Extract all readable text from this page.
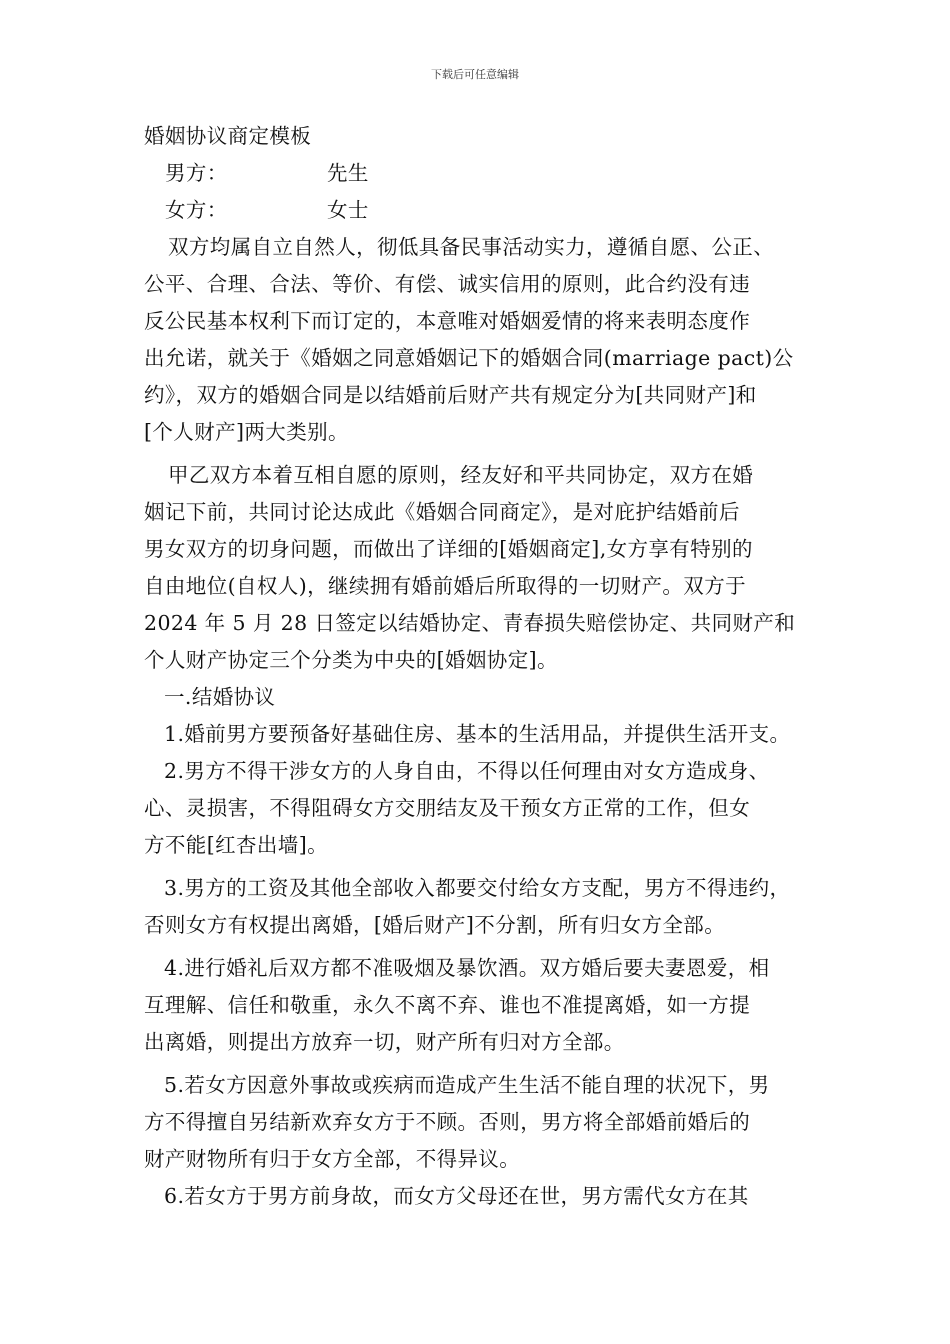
下载后可任意编辑
婚姻协议商定模板
男方：	先生
女方：	女士
双方均属自立自然人，彻低具备民事活动实力，遵循自愿、公正、
公平、合理、合法、等价、有偿、诚实信用的原则，此合约没有违
反公民基本权利下而订定的，本意唯对婚姻爱情的将来表明态度作
出允诺，就关于《婚姻之同意婚姻记下的婚姻合同(marriage pact)公
约》，双方的婚姻合同是以结婚前后财产共有规定分为[共同财产]和
[个人财产]两大类别。
甲乙双方本着互相自愿的原则，经友好和平共同协定，双方在婚
姻记下前，共同讨论达成此《婚姻合同商定》，是对庇护结婚前后
男女双方的切身问题，而做出了详细的[婚姻商定],女方享有特别的
自由地位(自权人)，继续拥有婚前婚后所取得的一切财产。双方于
2024 年 5 月 28 日签定以结婚协定、青春损失赔偿协定、共同财产和
个人财产协定三个分类为中央的[婚姻协定]。
一.结婚协议
1.婚前男方要预备好基础住房、基本的生活用品，并提供生活开支。
2.男方不得干涉女方的人身自由，不得以任何理由对女方造成身、
心、灵损害，不得阻碍女方交朋结友及干预女方正常的工作，但女
方不能[红杏出墙]。
3.男方的工资及其他全部收入都要交付给女方支配，男方不得违约，
否则女方有权提出离婚，[婚后财产]不分割，所有归女方全部。
4.进行婚礼后双方都不准吸烟及暴饮酒。双方婚后要夫妻恩爱，相
互理解、信任和敬重，永久不离不弃、谁也不准提离婚，如一方提
出离婚，则提出方放弃一切，财产所有归对方全部。
5.若女方因意外事故或疾病而造成产生生活不能自理的状况下，男
方不得擅自另结新欢弃女方于不顾。否则，男方将全部婚前婚后的
财产财物所有归于女方全部，不得异议。
6.若女方于男方前身故，而女方父母还在世，男方需代女方在其
